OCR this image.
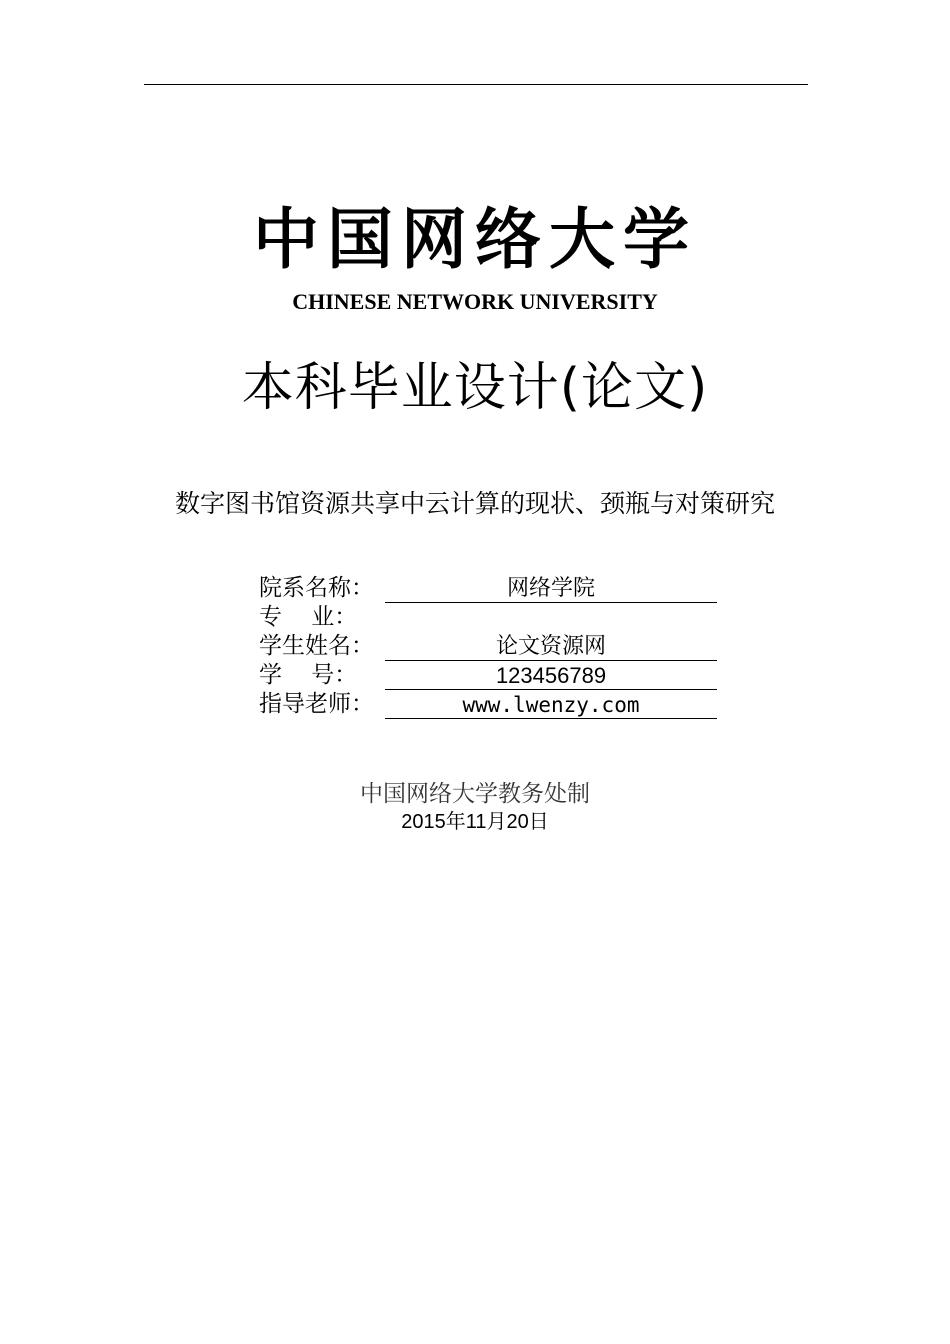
中国网络大学
CHINESE NETWORK UNIVERSITY
本科毕业设计(论文)
数字图书馆资源共享中云计算的现状、颈瓶与对策研究
院系名称：	网络学院
专    业：
学生姓名：	论文资源网
学    号：	123456789
指导老师：	www.lwenzy.com
中国网络大学教务处制
2015年11月20日
